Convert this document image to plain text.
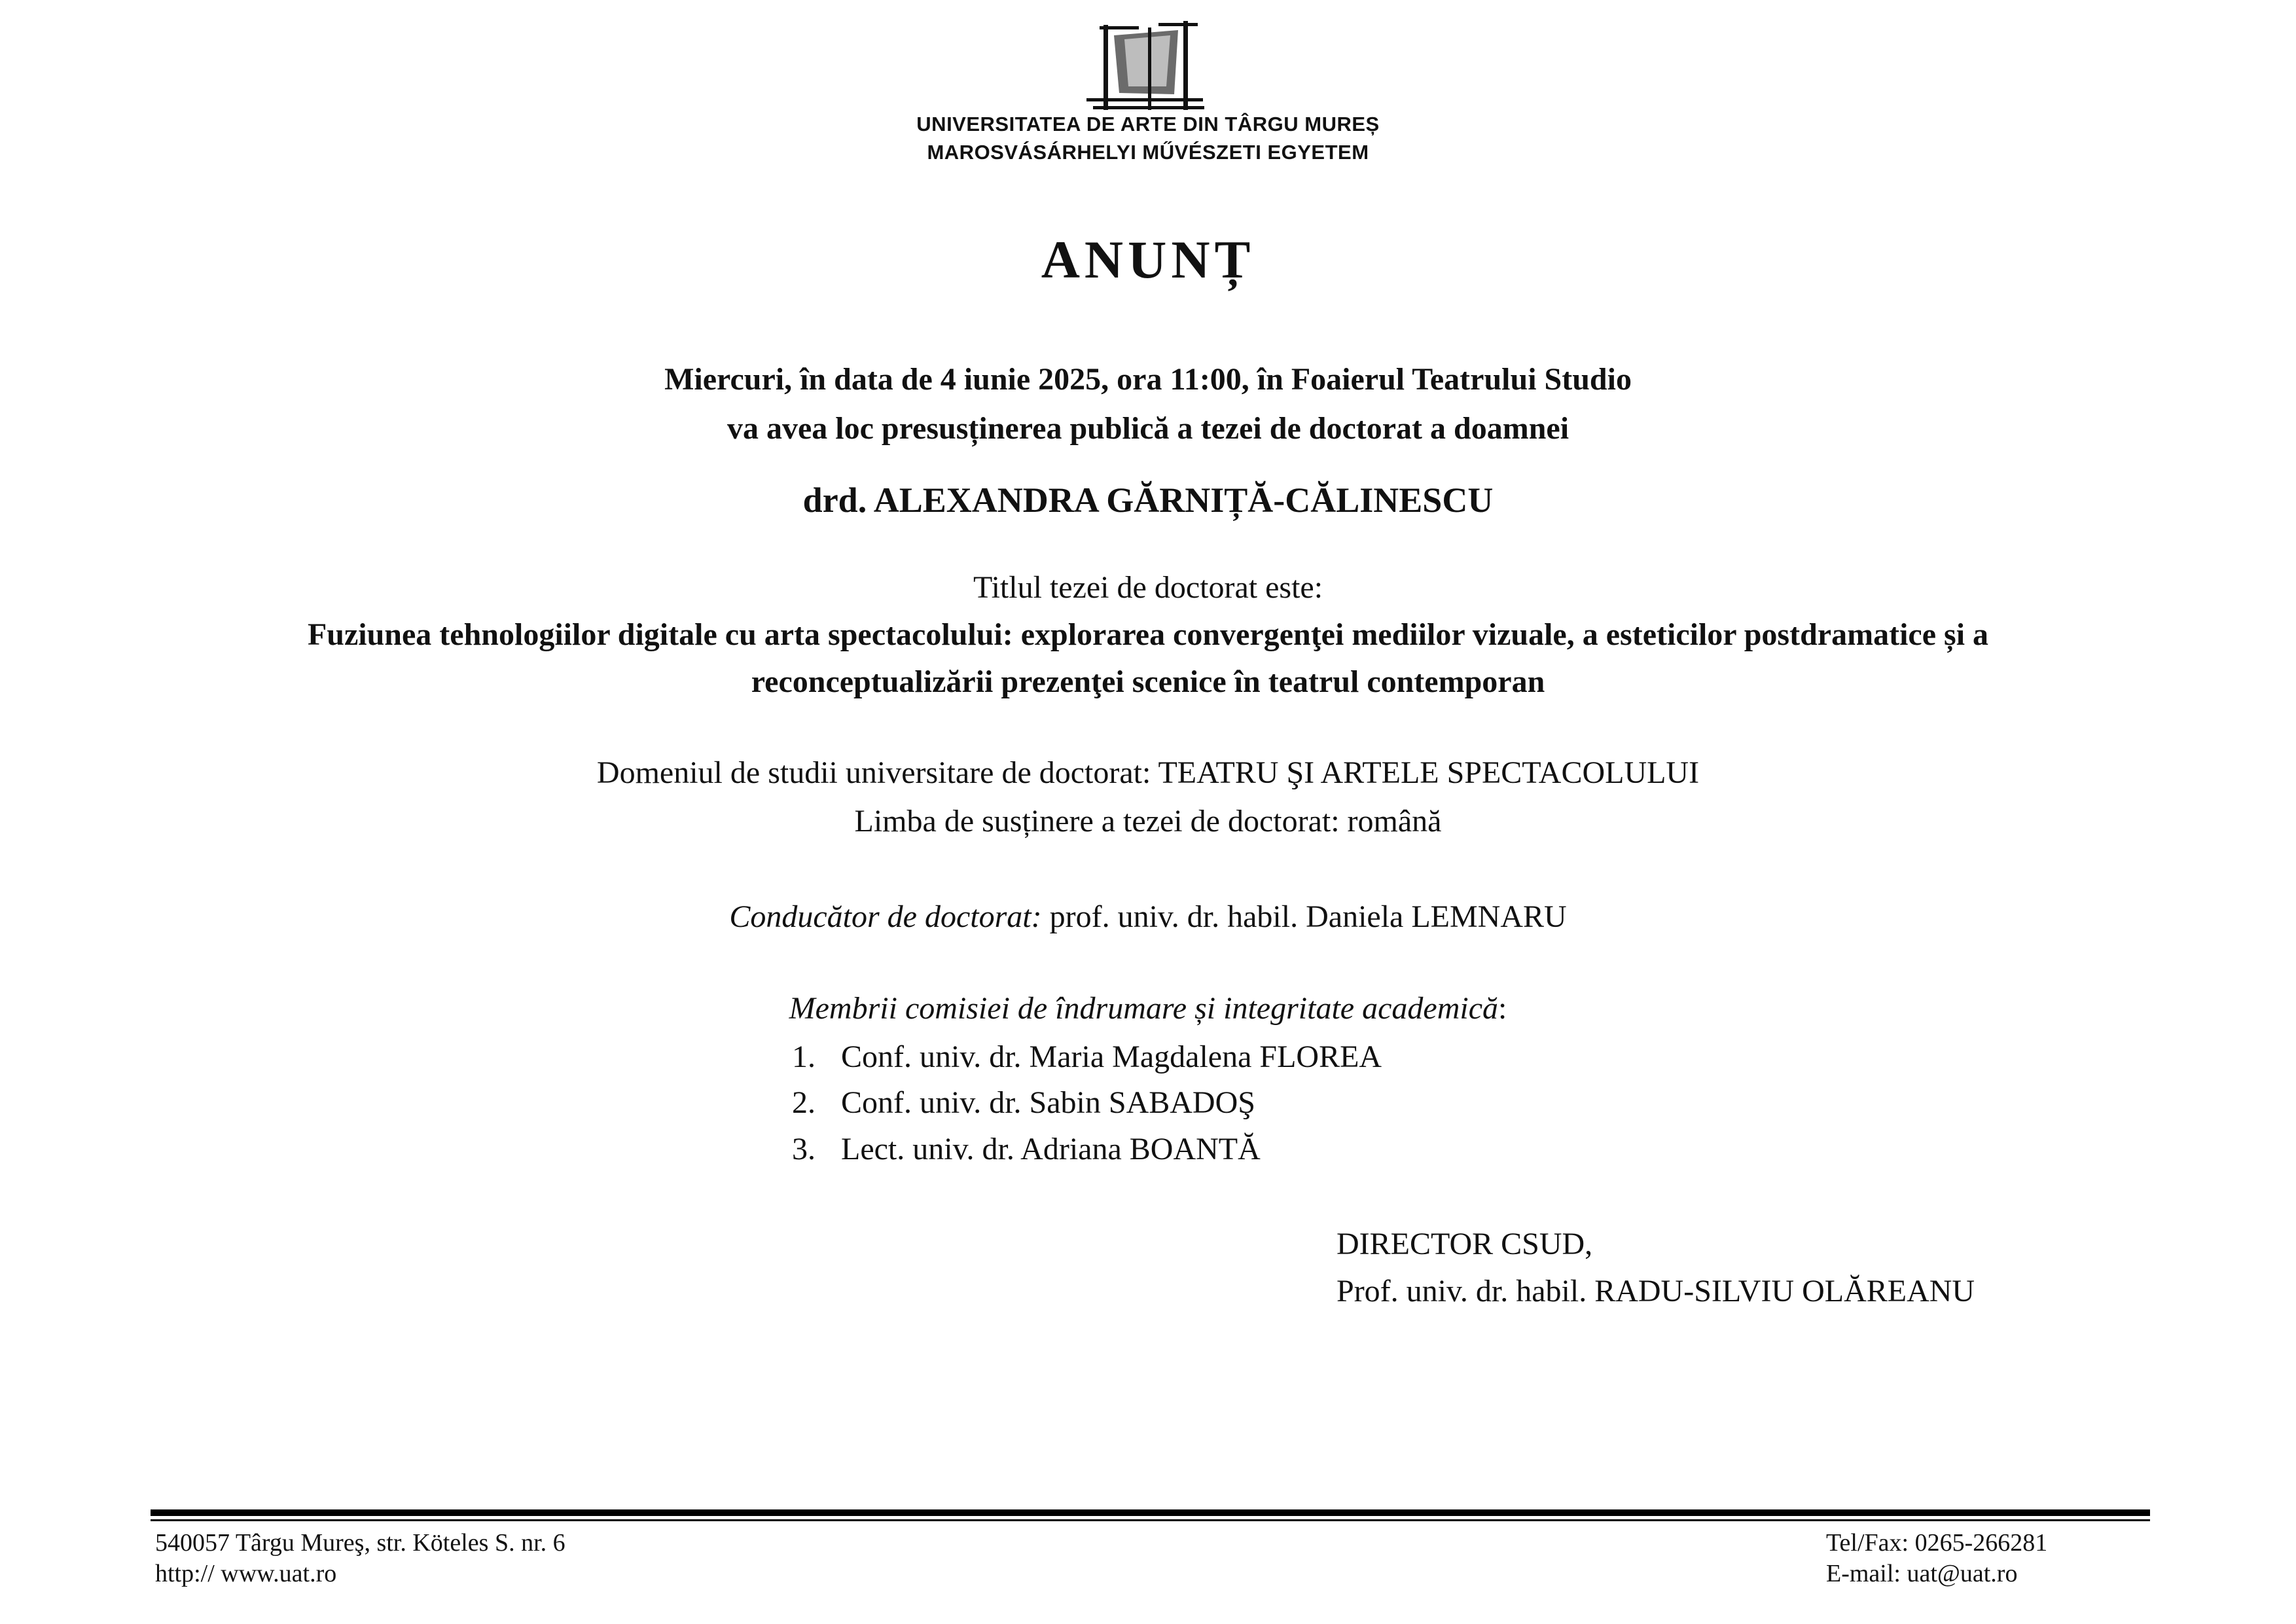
UNIVERSITATEA DE ARTE DIN TÂRGU MUREȘ
MAROSVÁSÁRHELYI MŰVÉSZETI EGYETEM
ANUNȚ
Miercuri, în data de 4 iunie 2025, ora 11:00, în Foaierul Teatrului Studio
va avea loc presusținerea publică a tezei de doctorat a doamnei
drd. ALEXANDRA GĂRNIȚĂ-CĂLINESCU
Titlul tezei de doctorat este:
Fuziunea tehnologiilor digitale cu arta spectacolului: explorarea convergenţei mediilor vizuale, a esteticilor postdramatice și a
reconceptualizării prezenţei scenice în teatrul contemporan
Domeniul de studii universitare de doctorat: TEATRU ŞI ARTELE SPECTACOLULUI
Limba de susținere a tezei de doctorat: română
Conducător de doctorat: prof. univ. dr. habil. Daniela LEMNARU
Membrii comisiei de îndrumare și integritate academică:
1. Conf. univ. dr. Maria Magdalena FLOREA
2. Conf. univ. dr. Sabin SABADOŞ
3. Lect. univ. dr. Adriana BOANTĂ
DIRECTOR CSUD,
Prof. univ. dr. habil. RADU-SILVIU OLĂREANU
540057 Târgu Mureş, str. Köteles S. nr. 6
http:// www.uat.ro
Tel/Fax: 0265-266281
E-mail: uat@uat.ro
